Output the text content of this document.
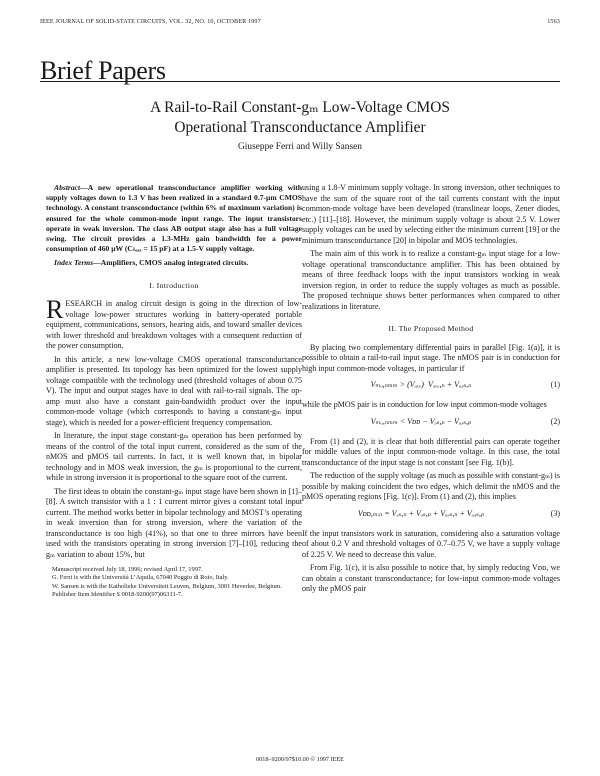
IEEE JOURNAL OF SOLID-STATE CIRCUITS, VOL. 32, NO. 10, OCTOBER 1997	1563
Brief Papers
A Rail-to-Rail Constant-gₘ Low-Voltage CMOS
Operational Transconductance Amplifier
Giuseppe Ferri and Willy Sansen
Abstract—A new operational transconductance amplifier working with supply voltages down to 1.3 V has been realized in a standard 0.7-μm CMOS technology. A constant transconductance (within 6% of maximum variation) is ensured for the whole common-mode input range. The input transistors operate in weak inversion. The class AB output stage also has a full voltage swing. The circuit provides a 1.3-MHz gain bandwidth for a power consumption of 460 μW (Cₗₒₐₓ = 15 pF) at a 1.5-V supply voltage.
Index Terms—Amplifiers, CMOS analog integrated circuits.
I. Introduction

RESEARCH in analog circuit design is going in the direction of low-voltage low-power structures working in battery-operated portable equipment, communications, sensors, hearing aids, and toward smaller devices with lower threshold and breakdown voltages with a consequent reduction of the power consumption.

In this article, a new low-voltage CMOS operational transconductance amplifier is presented. Its topology has been optimized for the lowest supply voltage compatible with the technology used (threshold voltages of about 0.75 V). The input and output stages have to deal with rail-to-rail signals. The op-amp must also have a constant gain-bandwidth product over the input common-mode voltage (which corresponds to having a constant-gₘ input stage), which is needed for a power-efficient frequency compensation.

In literature, the input stage constant-gₘ operation has been performed by means of the control of the total input current, considered as the sum of the nMOS and pMOS tail currents. In fact, it is well known that, in bipolar technology and in MOS weak inversion, the gₘ is proportional to the current, while in strong inversion it is proportional to the square root of the current.

The first ideas to obtain the constant-gₘ input stage have been shown in [1]–[8]. A switch transistor with a 1 : 1 current mirror gives a constant total input current. The method works better in bipolar technology and MOST’s operating in weak inversion than for strong inversion, where the variation of the transconductance is too high (41%), so that one to three mirrors have been used with the transistors operating in strong inversion [7]–[10], reducing the gₘ variation to about 15%, but

Manuscript received July 18, 1996; revised April 17, 1997.
G. Ferri is with the Università L’Aquila, 67040 Poggio di Roio, Italy.
W. Sansen is with the Katholieke Universiteit Leuven, Belgium, 3001 Heverlee, Belgium.
Publisher Item Identifier S 0018-9200(97)06311-7.

using a 1.8-V minimum supply voltage. In strong inversion, other techniques to have the sum of the square root of the tail currents constant with the input common-mode voltage have been developed (translinear loops, Zener diodes, etc.) [11]–[18]. However, the minimum supply voltage is about 2.5 V. Lower supply voltages can be used by selecting either the minimum current [19] or the minimum transconductance [20] in bipolar and MOS technologies.

The main aim of this work is to realize a constant-gₘ input stage for a low-voltage operational transconductance amplifier. This has been obtained by means of three feedback loops with the input transistors working in weak inversion region, in order to reduce the supply voltages as much as possible. The proposed technique shows better performances when compared to other realizations in literature.

II. The Proposed Method

By placing two complementary differential pairs in parallel [Fig. 1(a)], it is possible to obtain a rail-to-rail input stage. The nMOS pair is in conduction for high input common-mode voltages, in particular if

Vₘₒ,ₙₘₘ > (Vₔₓₓ)  Vₔₓₓ,ₙ + Vᵤₔₛ,ₙ	(1)

while the pMOS pair is in conduction for low input common-mode voltages

Vₘₒ,ₙₘₘ < Vᴅᴅ − Vₔₛ,ₚ − Vᵤₔₛ,ₚ	(2)

From (1) and (2), it is clear that both differential pairs can operate together for middle values of the input common-mode voltage. In this case, the total transconductance of the input stage is not constant [see Fig. 1(b)].

The reduction of the supply voltage (as much as possible with constant-gₘ) is possible by making coincident the two edges, which delimit the nMOS and the pMOS operating regions [Fig. 1(c)]. From (1) and (2), this implies

Vᴅᴅ,ₘᵢₙ = Vₔₛ,ₙ + Vₔₛ,ₚ + Vᵤₔₛ,ₙ + Vᵤₔₛ,ₚ	(3)

If the input transistors work in saturation, considering also a saturation voltage of about 0.2 V and threshold voltages of 0.7–0.75 V, we have a supply voltage of 2.25 V. We need to decrease this value.

From Fig. 1(c), it is also possible to notice that, by simply reducing Vᴅᴅ, we can obtain a constant transconductance; for low-input common-mode voltages only the pMOS pair

0018–9200/97$10.00 © 1997 IEEE
